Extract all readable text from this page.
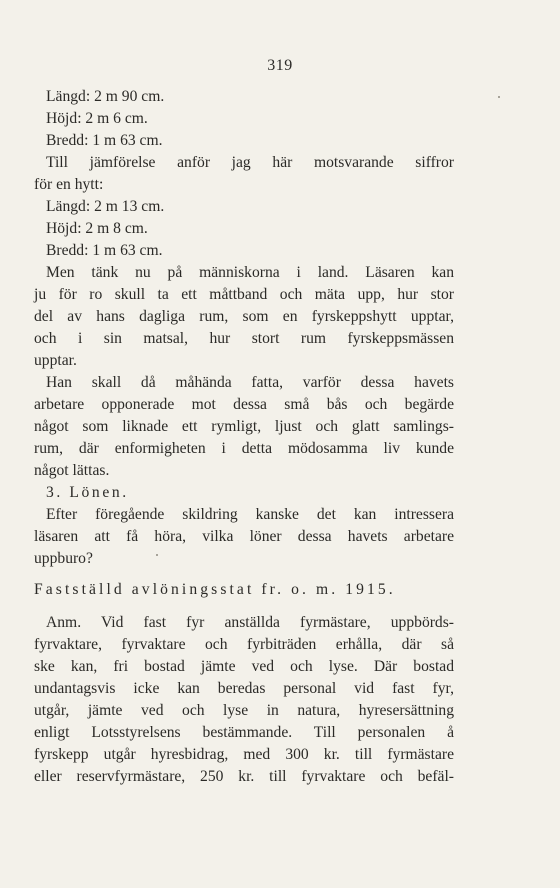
319
Längd: 2 m 90 cm.
Höjd: 2 m 6 cm.
Bredd: 1 m 63 cm.
Till jämförelse anför jag här motsvarande siffror
för en hytt:
Längd: 2 m 13 cm.
Höjd: 2 m 8 cm.
Bredd: 1 m 63 cm.
Men tänk nu på människorna i land. Läsaren kan
ju för ro skull ta ett måttband och mäta upp, hur stor
del av hans dagliga rum, som en fyrskeppshytt upptar,
och i sin matsal, hur stort rum fyrskeppsmässen
upptar.
Han skall då måhända fatta, varför dessa havets
arbetare opponerade mot dessa små bås och begärde
något som liknade ett rymligt, ljust och glatt samlings-
rum, där enformigheten i detta mödosamma liv kunde
något lättas.
3. Lönen.
Efter föregående skildring kanske det kan intressera
läsaren att få höra, vilka löner dessa havets arbetare
uppburo?
Fastställd avlöningsstat fr. o. m. 1915.
Anm. Vid fast fyr anställda fyrmästare, uppbörds-
fyrvaktare, fyrvaktare och fyrbiträden erhålla, där så
ske kan, fri bostad jämte ved och lyse. Där bostad
undantagsvis icke kan beredas personal vid fast fyr,
utgår, jämte ved och lyse in natura, hyresersättning
enligt Lotsstyrelsens bestämmande. Till personalen å
fyrskepp utgår hyresbidrag, med 300 kr. till fyrmästare
eller reservfyrmästare, 250 kr. till fyrvaktare och befäl-
